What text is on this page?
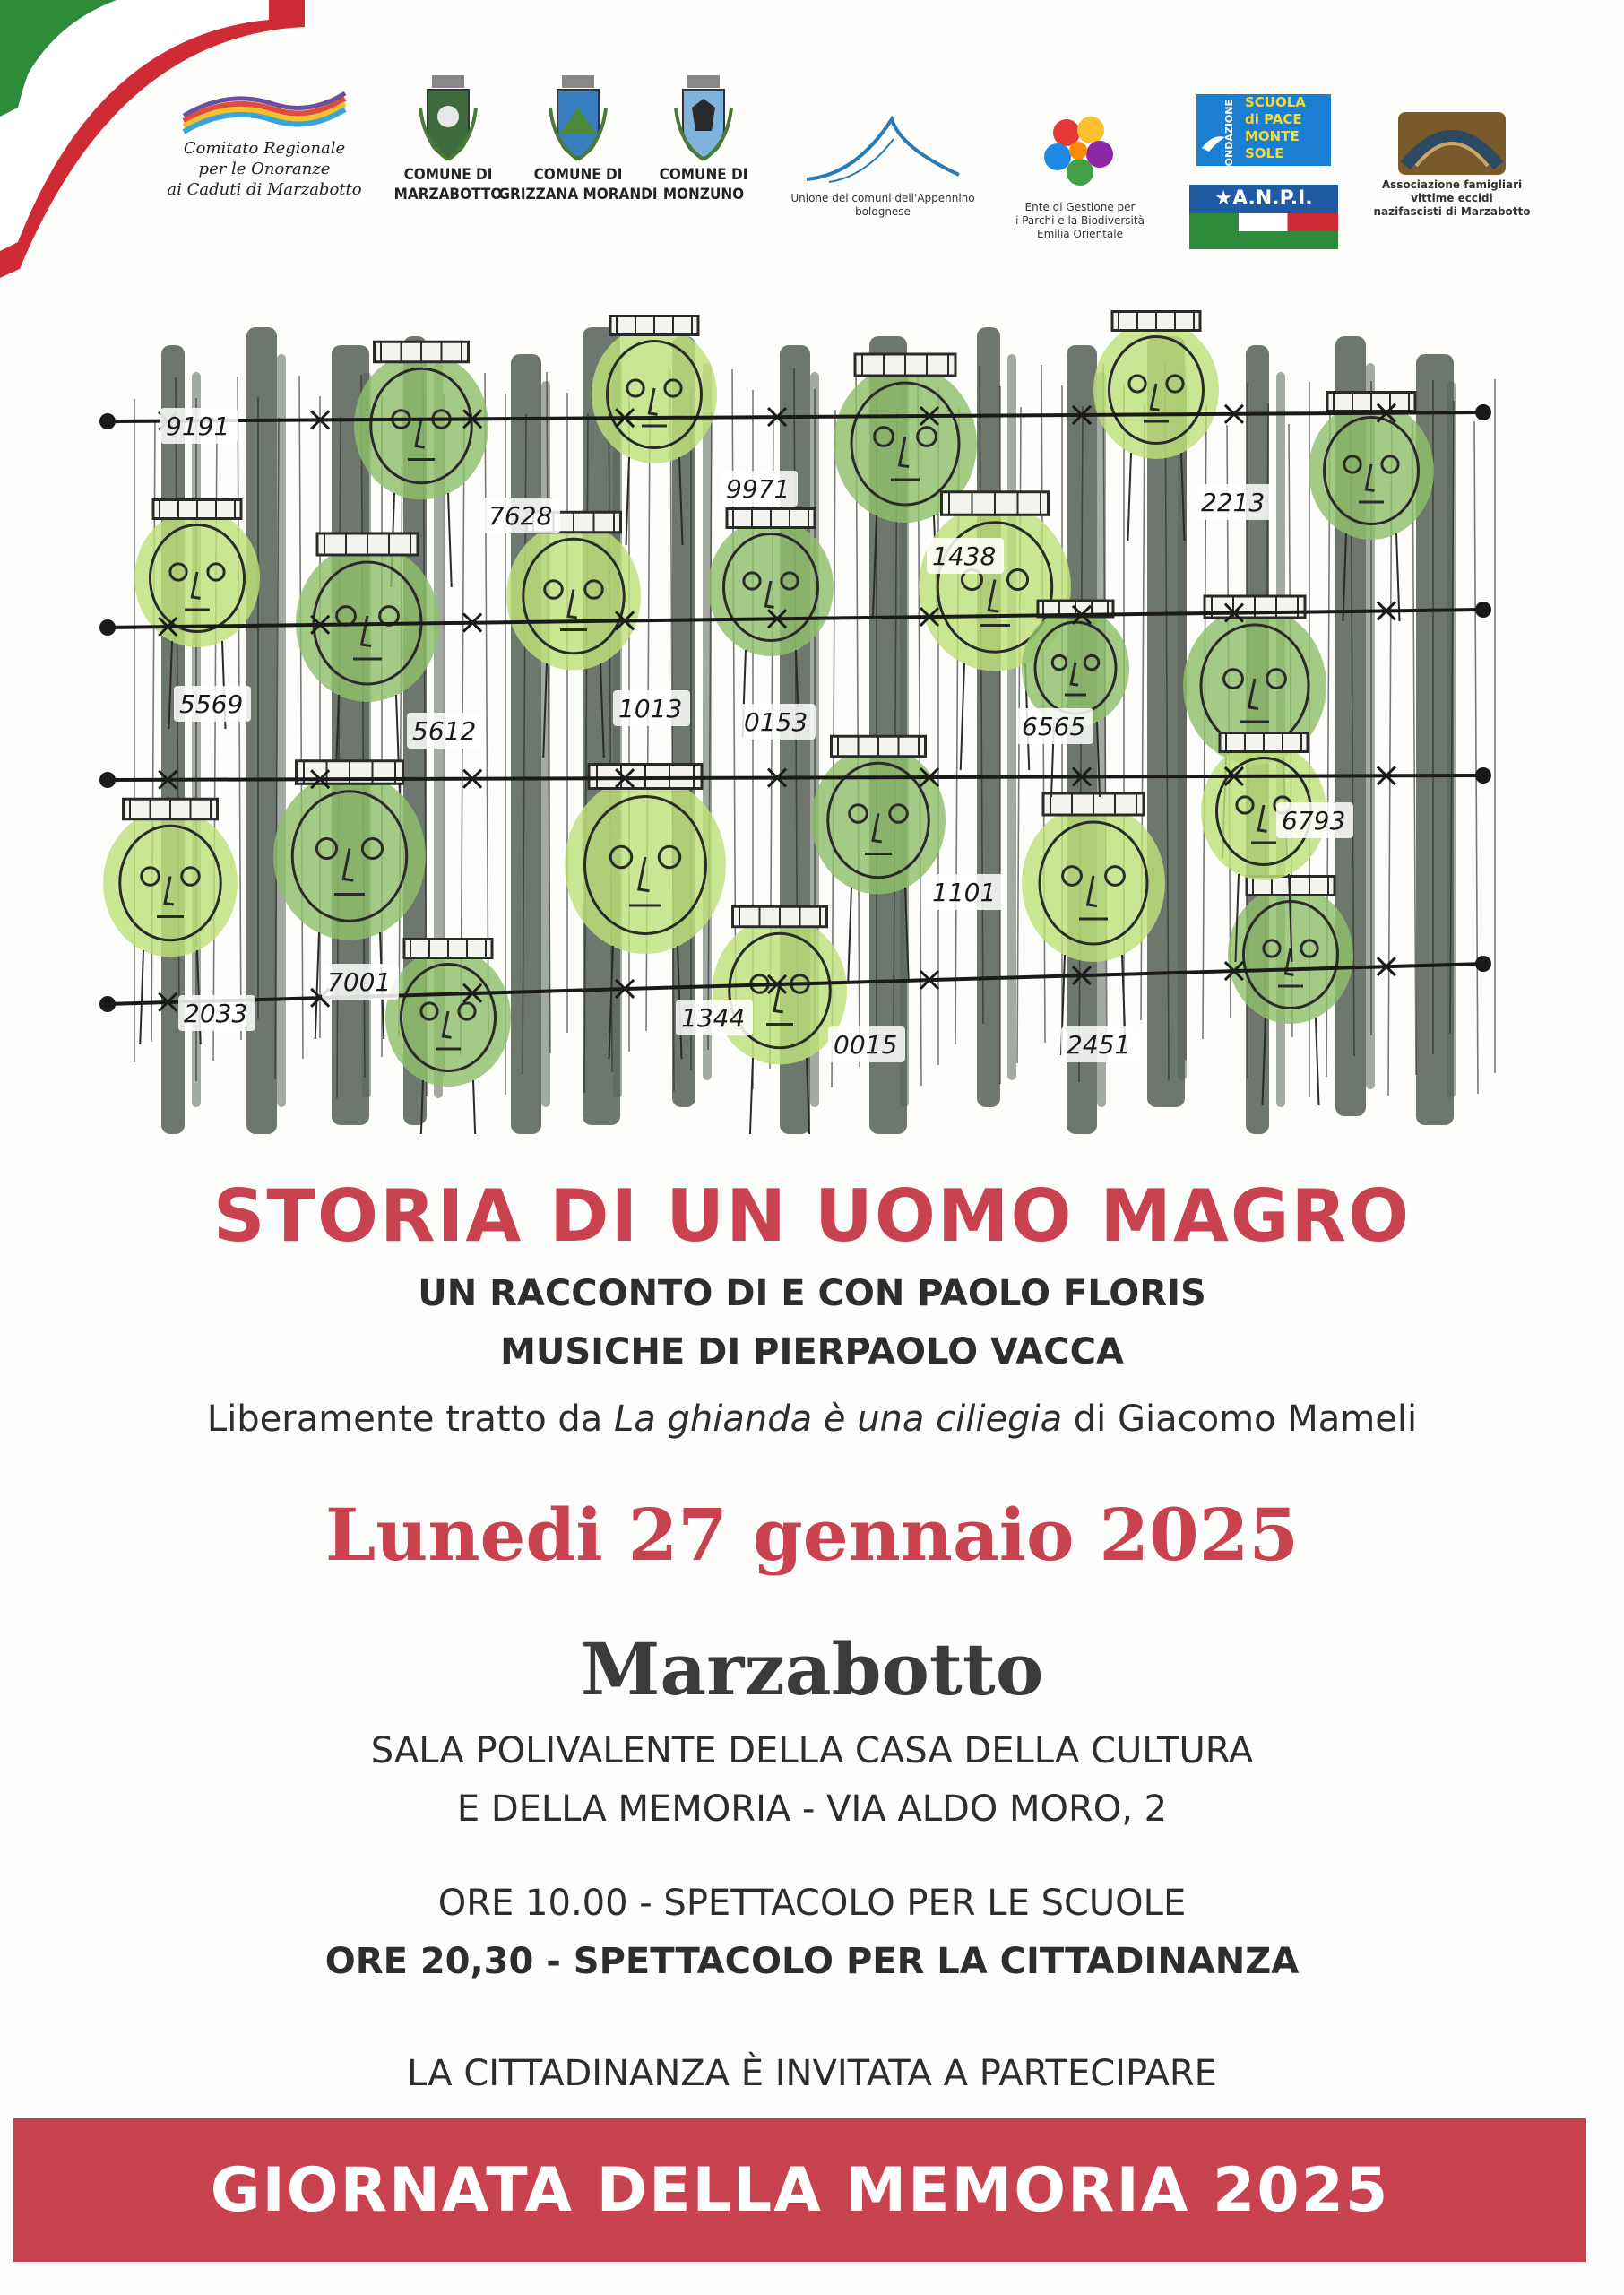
Comitato Regionale
per le Onoranze
ai Caduti di Marzabotto
COMUNE DI
MARZABOTTO
COMUNE DI
GRIZZANA MORANDI
COMUNE DI
MONZUNO	Unione dei comuni dell'Appennino bolognese	Ente di Gestione per
i Parchi e la Biodiversità
Emilia Orientale
FONDAZIONE SCUOLA
di PACE
MONTE
SOLE
★A.N.P.I.
Associazione famigliari
vittime eccidi
nazifascisti di Marzabotto
9191
7628
9971
1438
2213
5569	1013 0153	6565
5612
6793
1101
7001
2033	1344
0015	2451
STORIA DI UN UOMO MAGRO
UN RACCONTO DI E CON PAOLO FLORIS
MUSICHE DI PIERPAOLO VACCA
Liberamente tratto da La ghianda è una ciliegia di Giacomo Mameli
Lunedi 27 gennaio 2025
Marzabotto
SALA POLIVALENTE DELLA CASA DELLA CULTURA
E DELLA MEMORIA - VIA ALDO MORO, 2
ORE 10.00 - SPETTACOLO PER LE SCUOLE
ORE 20,30 - SPETTACOLO PER LA CITTADINANZA
LA CITTADINANZA È INVITATA A PARTECIPARE
GIORNATA DELLA MEMORIA 2025
